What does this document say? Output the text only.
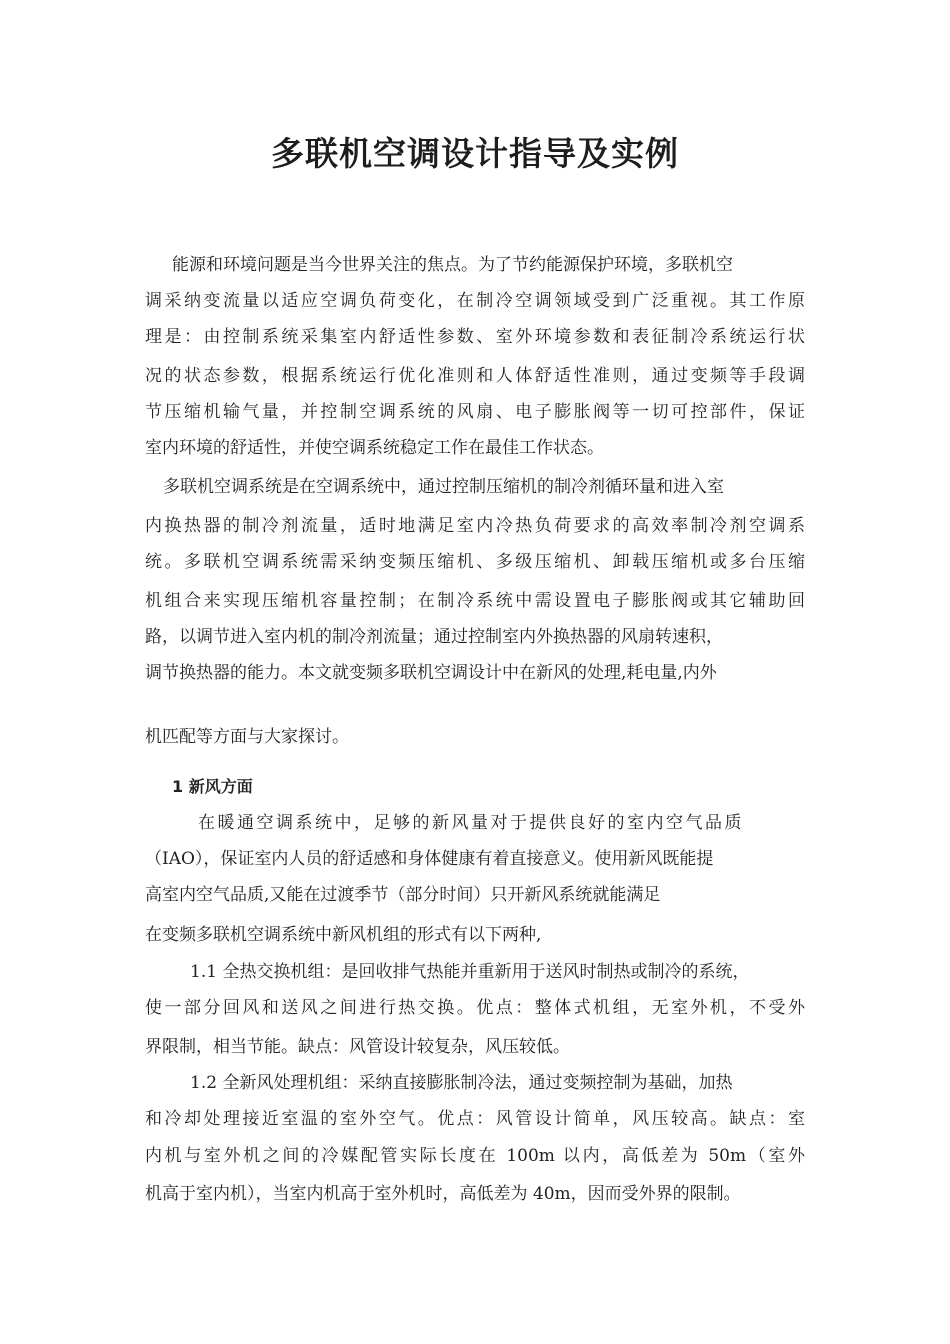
多联机空调设计指导及实例
能源和环境问题是当今世界关注的焦点。为了节约能源保护环境，多联机空
调采纳变流量以适应空调负荷变化，在制冷空调领域受到广泛重视。其工作原
理是：由控制系统采集室内舒适性参数、室外环境参数和表征制冷系统运行状
况的状态参数，根据系统运行优化准则和人体舒适性准则，通过变频等手段调
节压缩机输气量，并控制空调系统的风扇、电子膨胀阀等一切可控部件，保证
室内环境的舒适性，并使空调系统稳定工作在最佳工作状态。
多联机空调系统是在空调系统中，通过控制压缩机的制冷剂循环量和进入室
内换热器的制冷剂流量，适时地满足室内冷热负荷要求的高效率制冷剂空调系
统。多联机空调系统需采纳变频压缩机、多级压缩机、卸载压缩机或多台压缩
机组合来实现压缩机容量控制；在制冷系统中需设置电子膨胀阀或其它辅助回
路，以调节进入室内机的制冷剂流量；通过控制室内外换热器的风扇转速积，
调节换热器的能力。本文就变频多联机空调设计中在新风的处理,耗电量,内外
机匹配等方面与大家探讨。
1 新风方面
在暖通空调系统中，足够的新风量对于提供良好的室内空气品质
（IAO），保证室内人员的舒适感和身体健康有着直接意义。使用新风既能提
高室内空气品质,又能在过渡季节（部分时间）只开新风系统就能满足
在变频多联机空调系统中新风机组的形式有以下两种,
1.1 全热交换机组：是回收排气热能并重新用于送风时制热或制冷的系统，
使一部分回风和送风之间进行热交换。优点：整体式机组，无室外机，不受外
界限制，相当节能。缺点：风管设计较复杂，风压较低。
1.2 全新风处理机组：采纳直接膨胀制冷法，通过变频控制为基础，加热
和冷却处理接近室温的室外空气。优点：风管设计简单，风压较高。缺点：室
内机与室外机之间的冷媒配管实际长度在 100m 以内，高低差为 50m（室外
机高于室内机），当室内机高于室外机时，高低差为 40m，因而受外界的限制。
